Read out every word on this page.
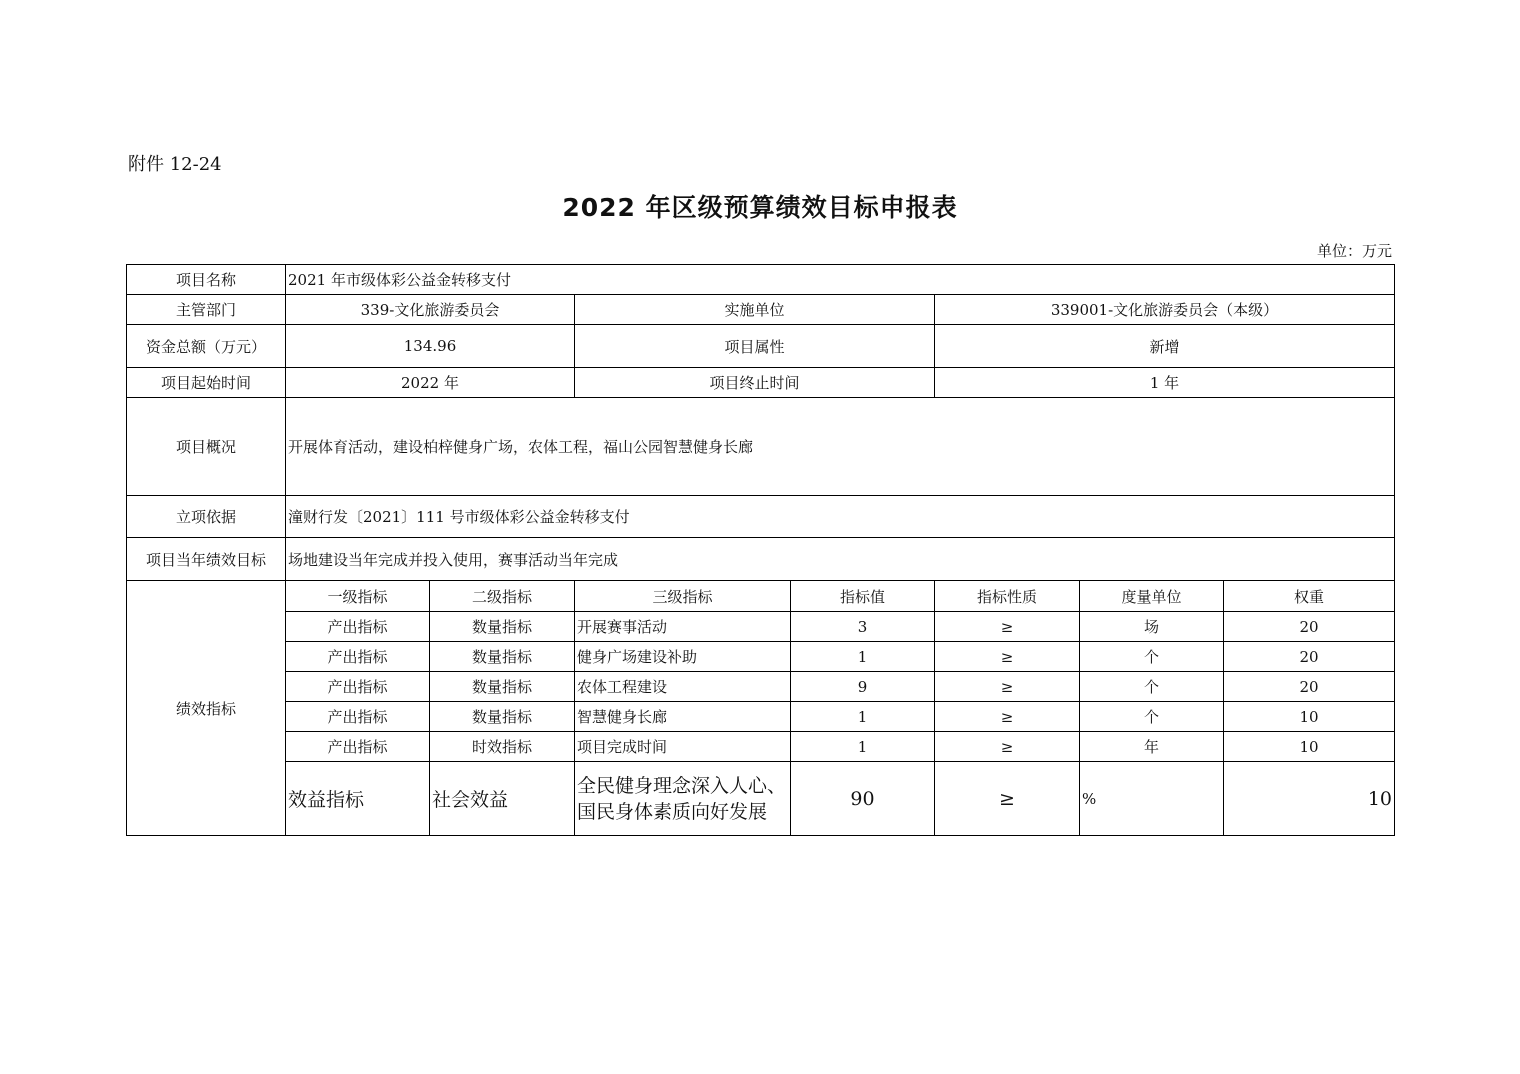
附件 12-24
2022 年区级预算绩效目标申报表
单位：万元
项目名称	2021 年市级体彩公益金转移支付						
主管部门	339-文化旅游委员会		实施单位		339001-文化旅游委员会（本级）		
资金总额（万元）	134.96		项目属性		新增		
项目起始时间	2022 年		项目终止时间		1 年		
项目概况	开展体育活动，建设柏梓健身广场，农体工程，福山公园智慧健身长廊						
立项依据	潼财行发〔2021〕111 号市级体彩公益金转移支付						
项目当年绩效目标	场地建设当年完成并投入使用，赛事活动当年完成						
绩效指标	一级指标	二级指标	三级指标	指标值	指标性质	度量单位	权重
	产出指标	数量指标	开展赛事活动	3	≥	场	20
	产出指标	数量指标	健身广场建设补助	1	≥	个	20
	产出指标	数量指标	农体工程建设	9	≥	个	20
	产出指标	数量指标	智慧健身长廊	1	≥	个	10
	产出指标	时效指标	项目完成时间	1	≥	年	10
	效益指标	社会效益	全民健身理念深入人心、国民身体素质向好发展	90	≥	%	10
